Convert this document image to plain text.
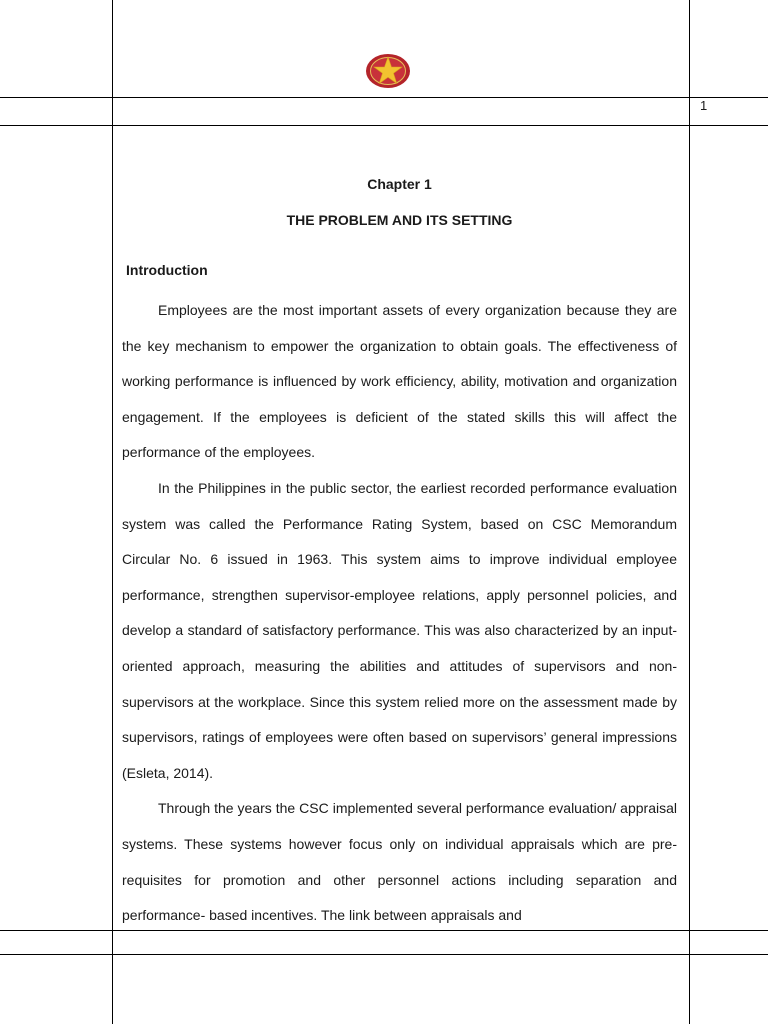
1

Chapter 1

THE PROBLEM AND ITS SETTING

Introduction

Employees are the most important assets of every organization because they are the key mechanism to empower the organization to obtain goals. The effectiveness of working performance is influenced by work efficiency, ability, motivation and organization engagement. If the employees is deficient of the stated skills this will affect the performance of the employees.

In the Philippines in the public sector, the earliest recorded performance evaluation system was called the Performance Rating System, based on CSC Memorandum Circular No. 6 issued in 1963. This system aims to improve individual employee performance, strengthen supervisor-employee relations, apply personnel policies, and develop a standard of satisfactory performance. This was also characterized by an input-oriented approach, measuring the abilities and attitudes of supervisors and non-supervisors at the workplace. Since this system relied more on the assessment made by supervisors, ratings of employees were often based on supervisors’ general impressions (Esleta, 2014).

Through the years the CSC implemented several performance evaluation/ appraisal systems. These systems however focus only on individual appraisals which are pre-requisites for promotion and other personnel actions including separation and performance- based incentives. The link between appraisals and
